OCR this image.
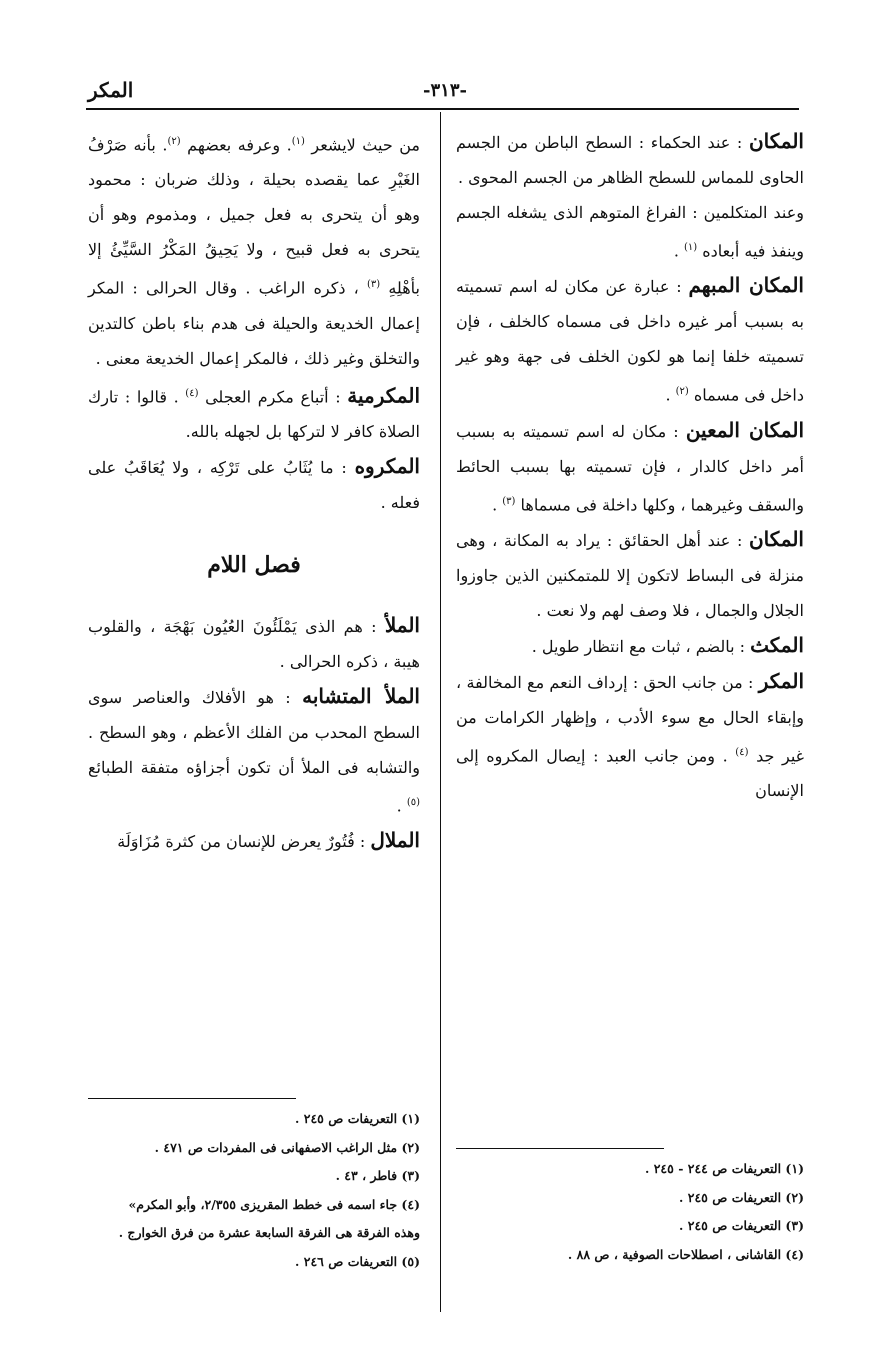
المكر	-٣١٣-

المكان : عند الحكماء : السطح الباطن من الجسم الحاوى للمماس للسطح الظاهر من الجسم المحوى .

وعند المتكلمين : الفراغ المتوهم الذى يشغله الجسم وينفذ فيه أبعاده $^{(١)}$ .

المكان المبهم : عبارة عن مكان له اسم تسميته به بسبب أمر غيره داخل فى مسماه كالخلف ، فإن تسميته خلفا إنما هو لكون الخلف فى جهة وهو غير داخل فى مسماه $^{(٢)}$ .

المكان المعين : مكان له اسم تسميته به بسبب أمر داخل كالدار ، فإن تسميته بها بسبب الحائط والسقف وغيرهما ، وكلها داخلة فى مسماها $^{(٣)}$ .

المكان : عند أهل الحقائق : يراد به المكانة ، وهى منزلة فى البساط لاتكون إلا للمتمكنين الذين جاوزوا الجلال والجمال ، فلا وصف لهم ولا نعت .

المكث : بالضم ، ثبات مع انتظار طويل .

المكر : من جانب الحق : إرداف النعم مع المخالفة ، وإبقاء الحال مع سوء الأدب ، وإظهار الكرامات من غير جد $^{(٤)}$ . ومن جانب العبد : إيصال المكروه إلى الإنسان

من حيث لايشعر $^{(١)}$. وعرفه بعضهم $^{(٢)}$. بأنه صَرْفُ الغَيْرِ عما يقصده بحيلة ، وذلك ضربان : محمود وهو أن يتحرى به فعل جميل ، ومذموم وهو أن يتحرى به فعل قبيح ، ولا يَحِيقُ المَكْرُ السَّيِّئُ إلا بأهْلِهِ $^{(٣)}$ ، ذكره الراغب . وقال الحرالى : المكر إعمال الخديعة والحيلة فى هدم بناء باطن كالتدين والتخلق وغير ذلك ، فالمكر إعمال الخديعة معنى .

المكرمية : أتباع مكرم العجلى $^{(٤)}$ . قالوا : تارك الصلاة كافر لا لتركها بل لجهله بالله.

المكروه : ما يُثَابُ على تَرْكِه ، ولا يُعَاقَبُ على فعله .

فصل اللام

الملأ : هم الذى يَمْلَئُونَ العُيُون بَهْجَة ، والقلوب هيبة ، ذكره الحرالى .

الملأ المتشابه : هو الأفلاك والعناصر سوى السطح المحدب من الفلك الأعظم ، وهو السطح . والتشابه فى الملأ أن تكون أجزاؤه متفقة الطبائع $^{(٥)}$ .

الملال : فُتُورٌ يعرض للإنسان من كثرة مُزَاوَلَة

(١) التعريفات ص ٢٤٤ - ٢٤٥ .

(٢) التعريفات ص ٢٤٥ .

(٣) التعريفات ص ٢٤٥ .

(٤) القاشانى ، اصطلاحات الصوفية ، ص ٨٨ .

(١) التعريفات ص ٢٤٥ .

(٢) مثل الراغب الاصفهانى فى المفردات ص ٤٧١ .

(٣) فاطر ، ٤٣ .

(٤) جاء اسمه فى خطط المقريزى ٢/٣٥٥، وأبو المكرم»

وهذه الفرقة هى الفرقة السابعة عشرة من فرق الخوارج .

(٥) التعريفات ص ٢٤٦ .
